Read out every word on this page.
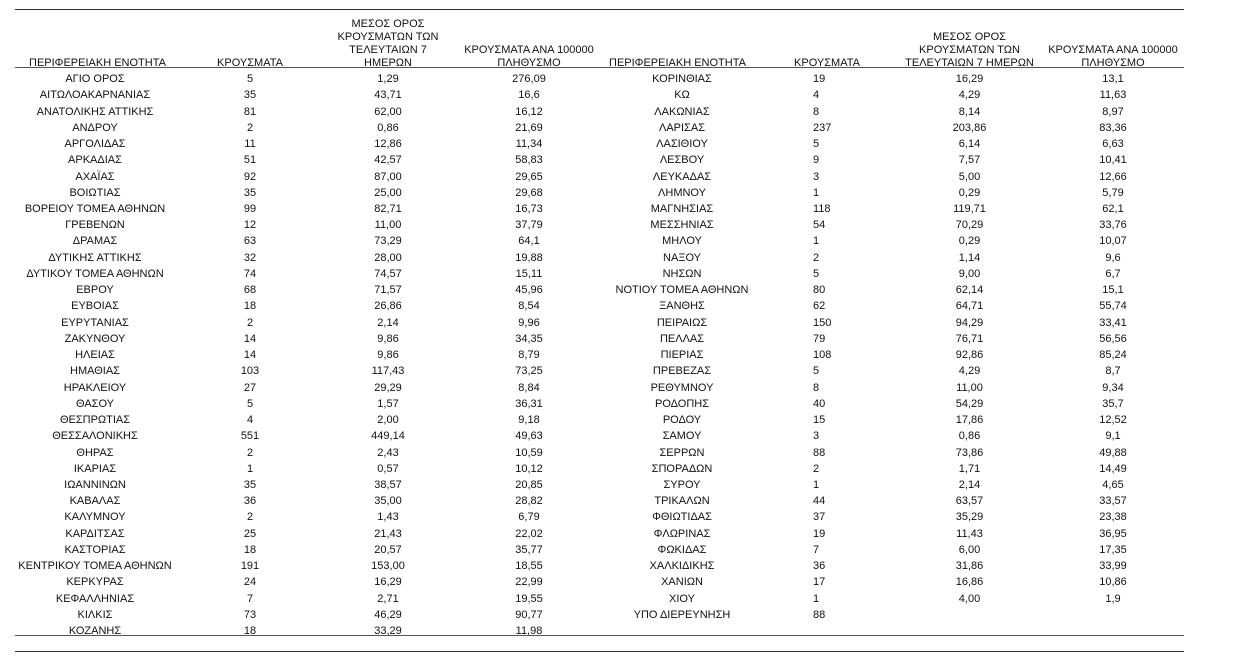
ΠΕΡΙΦΕΡΕΙΑΚΗ ΕΝΟΤΗΤΑ	ΚΡΟΥΣΜΑΤΑ	ΜΕΣΟΣ ΟΡΟΣ ΚΡΟΥΣΜΑΤΩΝ ΤΩΝ ΤΕΛΕΥΤΑΙΩΝ 7 ΗΜΕΡΩΝ	ΚΡΟΥΣΜΑΤΑ ΑΝΑ 100000 ΠΛΗΘΥΣΜΟ	ΠΕΡΙΦΕΡΕΙΑΚΗ ΕΝΟΤΗΤΑ	ΚΡΟΥΣΜΑΤΑ	ΜΕΣΟΣ ΟΡΟΣ ΚΡΟΥΣΜΑΤΩΝ ΤΩΝ ΤΕΛΕΥΤΑΙΩΝ 7 ΗΜΕΡΩΝ	ΚΡΟΥΣΜΑΤΑ ΑΝΑ 100000 ΠΛΗΘΥΣΜΟ
ΑΓΙΟ ΟΡΟΣ	5	1,29	276,09	ΚΟΡΙΝΘΙΑΣ	19	16,29	13,1
ΑΙΤΩΛΟΑΚΑΡΝΑΝΙΑΣ	35	43,71	16,6	ΚΩ	4	4,29	11,63
ΑΝΑΤΟΛΙΚΗΣ ΑΤΤΙΚΗΣ	81	62,00	16,12	ΛΑΚΩΝΙΑΣ	8	8,14	8,97
ΑΝΔΡΟΥ	2	0,86	21,69	ΛΑΡΙΣΑΣ	237	203,86	83,36
ΑΡΓΟΛΙΔΑΣ	11	12,86	11,34	ΛΑΣΙΘΙΟΥ	5	6,14	6,63
ΑΡΚΑΔΙΑΣ	51	42,57	58,83	ΛΕΣΒΟΥ	9	7,57	10,41
ΑΧΑΪΑΣ	92	87,00	29,65	ΛΕΥΚΑΔΑΣ	3	5,00	12,66
ΒΟΙΩΤΙΑΣ	35	25,00	29,68	ΛΗΜΝΟΥ	1	0,29	5,79
ΒΟΡΕΙΟΥ ΤΟΜΕΑ ΑΘΗΝΩΝ	99	82,71	16,73	ΜΑΓΝΗΣΙΑΣ	118	119,71	62,1
ΓΡΕΒΕΝΩΝ	12	11,00	37,79	ΜΕΣΣΗΝΙΑΣ	54	70,29	33,76
ΔΡΑΜΑΣ	63	73,29	64,1	ΜΗΛΟΥ	1	0,29	10,07
ΔΥΤΙΚΗΣ ΑΤΤΙΚΗΣ	32	28,00	19,88	ΝΑΞΟΥ	2	1,14	9,6
ΔΥΤΙΚΟΥ ΤΟΜΕΑ ΑΘΗΝΩΝ	74	74,57	15,11	ΝΗΣΩΝ	5	9,00	6,7
ΕΒΡΟΥ	68	71,57	45,96	ΝΟΤΙΟΥ ΤΟΜΕΑ ΑΘΗΝΩΝ	80	62,14	15,1
ΕΥΒΟΙΑΣ	18	26,86	8,54	ΞΑΝΘΗΣ	62	64,71	55,74
ΕΥΡΥΤΑΝΙΑΣ	2	2,14	9,96	ΠΕΙΡΑΙΩΣ	150	94,29	33,41
ΖΑΚΥΝΘΟΥ	14	9,86	34,35	ΠΕΛΛΑΣ	79	76,71	56,56
ΗΛΕΙΑΣ	14	9,86	8,79	ΠΙΕΡΙΑΣ	108	92,86	85,24
ΗΜΑΘΙΑΣ	103	117,43	73,25	ΠΡΕΒΕΖΑΣ	5	4,29	8,7
ΗΡΑΚΛΕΙΟΥ	27	29,29	8,84	ΡΕΘΥΜΝΟΥ	8	11,00	9,34
ΘΑΣΟΥ	5	1,57	36,31	ΡΟΔΟΠΗΣ	40	54,29	35,7
ΘΕΣΠΡΩΤΙΑΣ	4	2,00	9,18	ΡΟΔΟΥ	15	17,86	12,52
ΘΕΣΣΑΛΟΝΙΚΗΣ	551	449,14	49,63	ΣΑΜΟΥ	3	0,86	9,1
ΘΗΡΑΣ	2	2,43	10,59	ΣΕΡΡΩΝ	88	73,86	49,88
ΙΚΑΡΙΑΣ	1	0,57	10,12	ΣΠΟΡΑΔΩΝ	2	1,71	14,49
ΙΩΑΝΝΙΝΩΝ	35	38,57	20,85	ΣΥΡΟΥ	1	2,14	4,65
ΚΑΒΑΛΑΣ	36	35,00	28,82	ΤΡΙΚΑΛΩΝ	44	63,57	33,57
ΚΑΛΥΜΝΟΥ	2	1,43	6,79	ΦΘΙΩΤΙΔΑΣ	37	35,29	23,38
ΚΑΡΔΙΤΣΑΣ	25	21,43	22,02	ΦΛΩΡΙΝΑΣ	19	11,43	36,95
ΚΑΣΤΟΡΙΑΣ	18	20,57	35,77	ΦΩΚΙΔΑΣ	7	6,00	17,35
ΚΕΝΤΡΙΚΟΥ ΤΟΜΕΑ ΑΘΗΝΩΝ	191	153,00	18,55	ΧΑΛΚΙΔΙΚΗΣ	36	31,86	33,99
ΚΕΡΚΥΡΑΣ	24	16,29	22,99	ΧΑΝΙΩΝ	17	16,86	10,86
ΚΕΦΑΛΛΗΝΙΑΣ	7	2,71	19,55	ΧΙΟΥ	1	4,00	1,9
ΚΙΛΚΙΣ	73	46,29	90,77	ΥΠΟ ΔΙΕΡΕΥΝΗΣΗ	88		
ΚΟΖΑΝΗΣ	18	33,29	11,98				
